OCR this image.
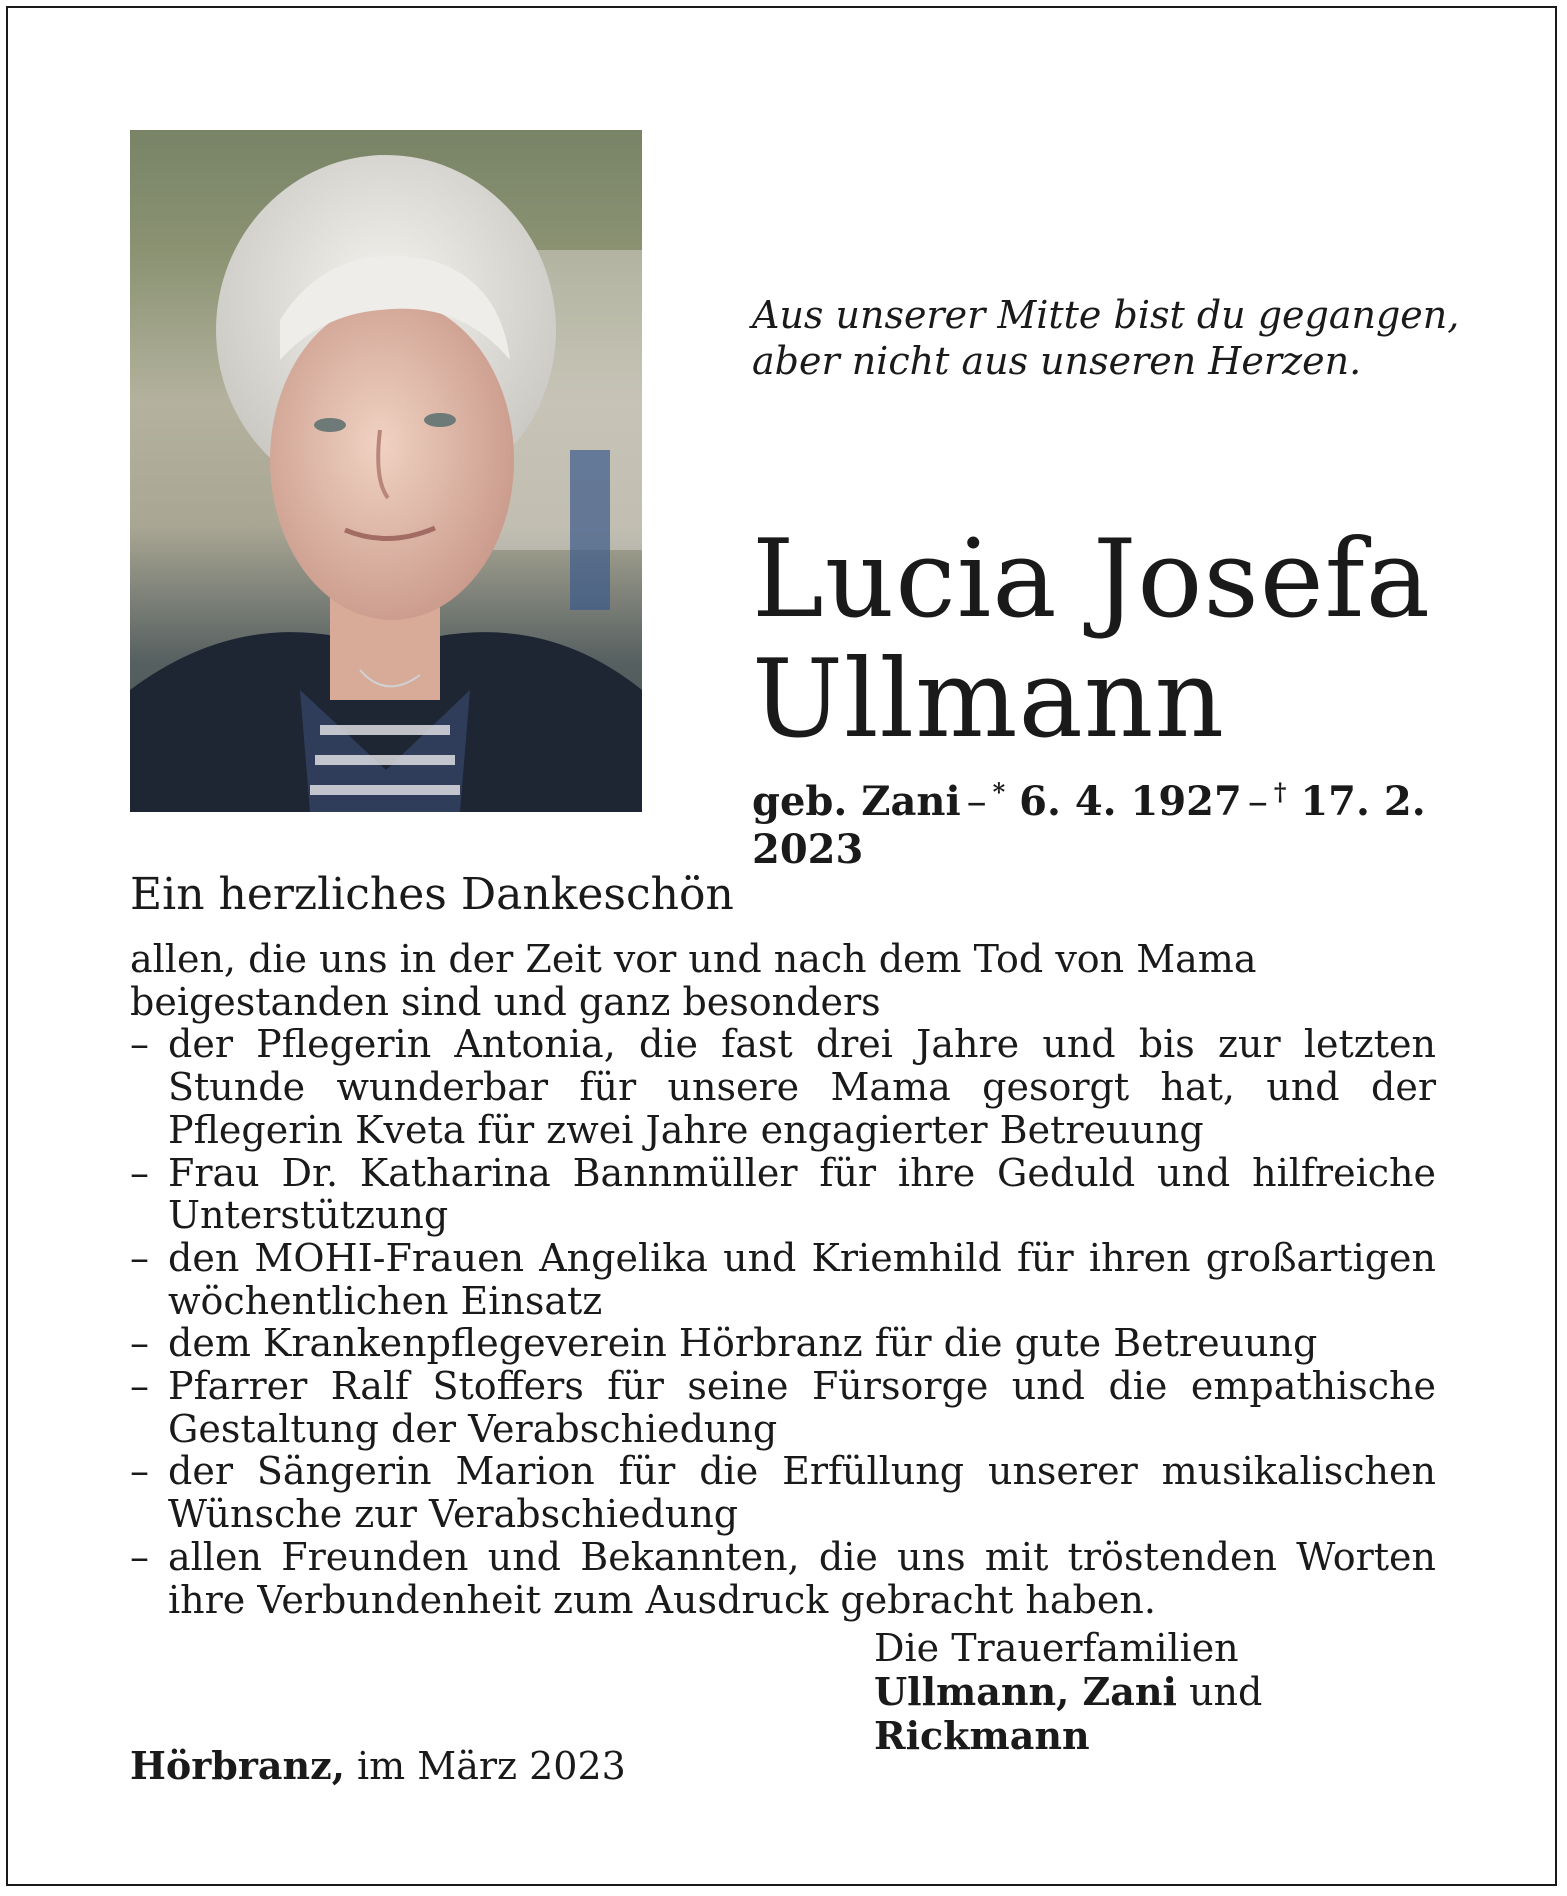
Aus unserer Mitte bist du gegangen,
aber nicht aus unseren Herzen.

Lucia Josefa
Ullmann

geb. Zani – * 6. 4. 1927 – † 17. 2. 2023

Ein herzliches Dankeschön
allen, die uns in der Zeit vor und nach dem Tod von Mama beigestanden sind und ganz besonders
– der Pflegerin Antonia, die fast drei Jahre und bis zur letzten Stunde wunderbar für unsere Mama gesorgt hat, und der Pflegerin Kveta für zwei Jahre engagierter Betreuung
– Frau Dr. Katharina Bannmüller für ihre Geduld und hilfreiche Unterstützung
– den MOHI-Frauen Angelika und Kriemhild für ihren großartigen wöchentlichen Einsatz
– dem Krankenpflegeverein Hörbranz für die gute Betreuung
– Pfarrer Ralf Stoffers für seine Fürsorge und die empathische Gestaltung der Verabschiedung
– der Sängerin Marion für die Erfüllung unserer musikalischen Wünsche zur Verabschiedung
– allen Freunden und Bekannten, die uns mit tröstenden Worten ihre Verbundenheit zum Ausdruck gebracht haben.
Die Trauerfamilien
Ullmann, Zani und Rickmann
Hörbranz, im März 2023
